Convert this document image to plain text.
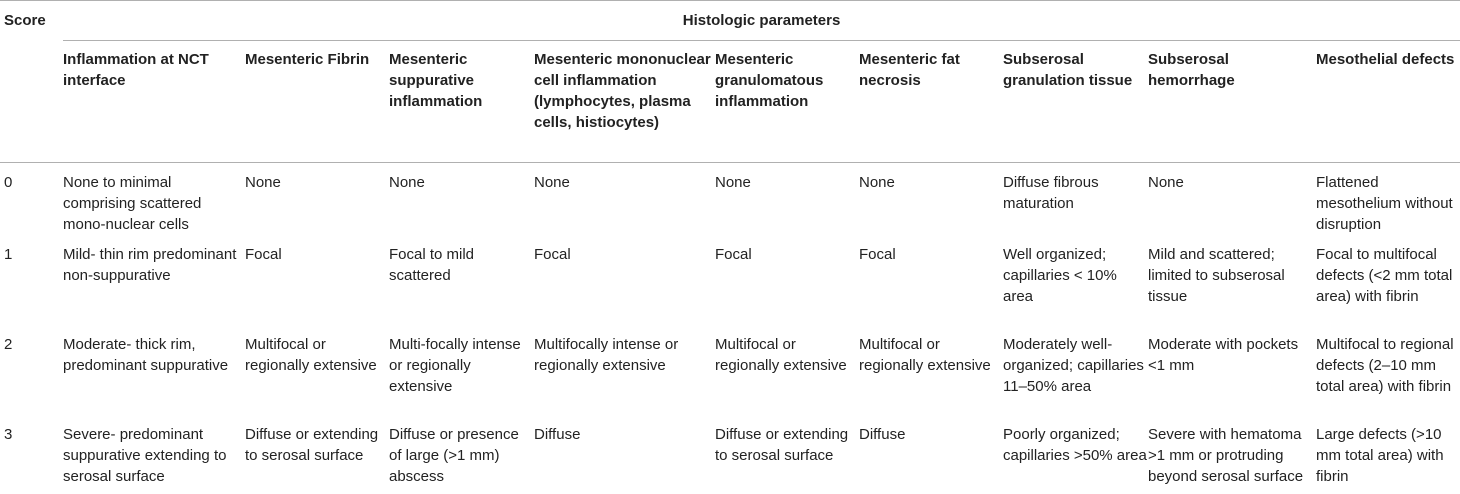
Score	Histologic parameters								
	Inflammation at NCT interface	Mesenteric Fibrin	Mesenteric suppurative inflammation	Mesenteric mononuclear cell inflammation (lymphocytes, plasma cells, histiocytes)	Mesenteric granulomatous inflammation	Mesenteric fat necrosis	Subserosal granulation tissue	Subserosal hemorrhage	Mesothelial defects
0	None to minimal comprising scattered mono-nuclear cells	None	None	None	None	None	Diffuse fibrous maturation	None	Flattened mesothelium without disruption
1	Mild- thin rim predominant non-suppurative	Focal	Focal to mild scattered	Focal	Focal	Focal	Well organized; capillaries < 10% area	Mild and scattered; limited to subserosal tissue	Focal to multifocal defects (<2 mm total area) with fibrin
2	Moderate- thick rim, predominant suppurative	Multifocal or regionally extensive	Multi-focally intense or regionally extensive	Multifocally intense or regionally extensive	Multifocal or regionally extensive	Multifocal or regionally extensive	Moderately well-organized; capillaries 11–50% area	Moderate with pockets <1 mm	Multifocal to regional defects (2–10 mm total area) with fibrin
3	Severe- predominant suppurative extending to serosal surface	Diffuse or extending to serosal surface	Diffuse or presence of large (>1 mm) abscess	Diffuse	Diffuse or extending to serosal surface	Diffuse	Poorly organized; capillaries >50% area	Severe with hematoma >1 mm or protruding beyond serosal surface	Large defects (>10 mm total area) with fibrin
